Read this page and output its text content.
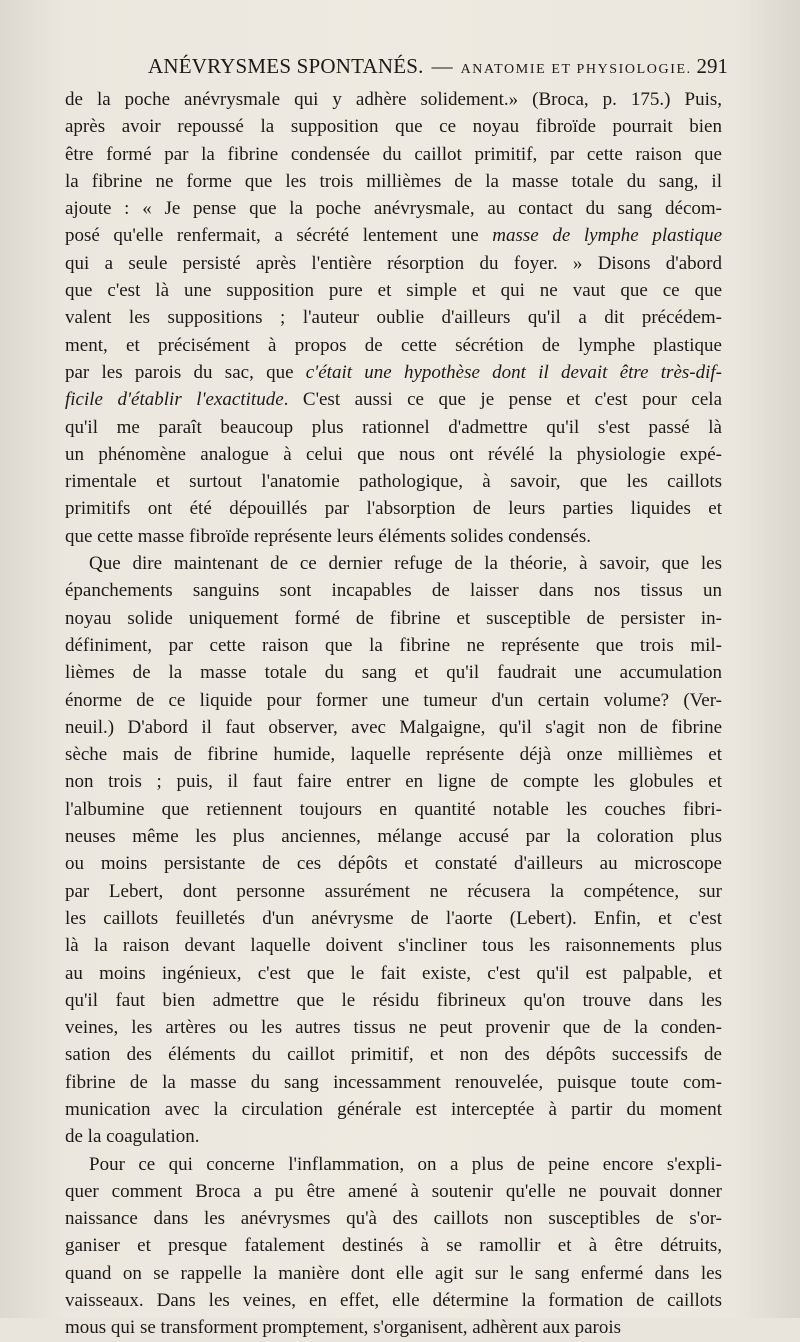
ANÉVRYSMES SPONTANÉS. — ANATOMIE ET PHYSIOLOGIE. 291
de la poche anévrysmale qui y adhère solidement.» (Broca, p. 175.) Puis,
après avoir repoussé la supposition que ce noyau fibroïde pourrait bien
être formé par la fibrine condensée du caillot primitif, par cette raison que
la fibrine ne forme que les trois millièmes de la masse totale du sang, il
ajoute : « Je pense que la poche anévrysmale, au contact du sang décom-
posé qu'elle renfermait, a sécrété lentement une masse de lymphe plastique
qui a seule persisté après l'entière résorption du foyer. » Disons d'abord
que c'est là une supposition pure et simple et qui ne vaut que ce que
valent les suppositions ; l'auteur oublie d'ailleurs qu'il a dit précédem-
ment, et précisément à propos de cette sécrétion de lymphe plastique
par les parois du sac, que c'était une hypothèse dont il devait être très-dif-
ficile d'établir l'exactitude. C'est aussi ce que je pense et c'est pour cela
qu'il me paraît beaucoup plus rationnel d'admettre qu'il s'est passé là
un phénomène analogue à celui que nous ont révélé la physiologie expé-
rimentale et surtout l'anatomie pathologique, à savoir, que les caillots
primitifs ont été dépouillés par l'absorption de leurs parties liquides et
que cette masse fibroïde représente leurs éléments solides condensés.
Que dire maintenant de ce dernier refuge de la théorie, à savoir, que les
épanchements sanguins sont incapables de laisser dans nos tissus un
noyau solide uniquement formé de fibrine et susceptible de persister in-
définiment, par cette raison que la fibrine ne représente que trois mil-
lièmes de la masse totale du sang et qu'il faudrait une accumulation
énorme de ce liquide pour former une tumeur d'un certain volume? (Ver-
neuil.) D'abord il faut observer, avec Malgaigne, qu'il s'agit non de fibrine
sèche mais de fibrine humide, laquelle représente déjà onze millièmes et
non trois ; puis, il faut faire entrer en ligne de compte les globules et
l'albumine que retiennent toujours en quantité notable les couches fibri-
neuses même les plus anciennes, mélange accusé par la coloration plus
ou moins persistante de ces dépôts et constaté d'ailleurs au microscope
par Lebert, dont personne assurément ne récusera la compétence, sur
les caillots feuilletés d'un anévrysme de l'aorte (Lebert). Enfin, et c'est
là la raison devant laquelle doivent s'incliner tous les raisonnements plus
au moins ingénieux, c'est que le fait existe, c'est qu'il est palpable, et
qu'il faut bien admettre que le résidu fibrineux qu'on trouve dans les
veines, les artères ou les autres tissus ne peut provenir que de la conden-
sation des éléments du caillot primitif, et non des dépôts successifs de
fibrine de la masse du sang incessamment renouvelée, puisque toute com-
munication avec la circulation générale est interceptée à partir du moment
de la coagulation.
Pour ce qui concerne l'inflammation, on a plus de peine encore s'expli-
quer comment Broca a pu être amené à soutenir qu'elle ne pouvait donner
naissance dans les anévrysmes qu'à des caillots non susceptibles de s'or-
ganiser et presque fatalement destinés à se ramollir et à être détruits,
quand on se rappelle la manière dont elle agit sur le sang enfermé dans les
vaisseaux. Dans les veines, en effet, elle détermine la formation de caillots
mous qui se transforment promptement, s'organisent, adhèrent aux parois
